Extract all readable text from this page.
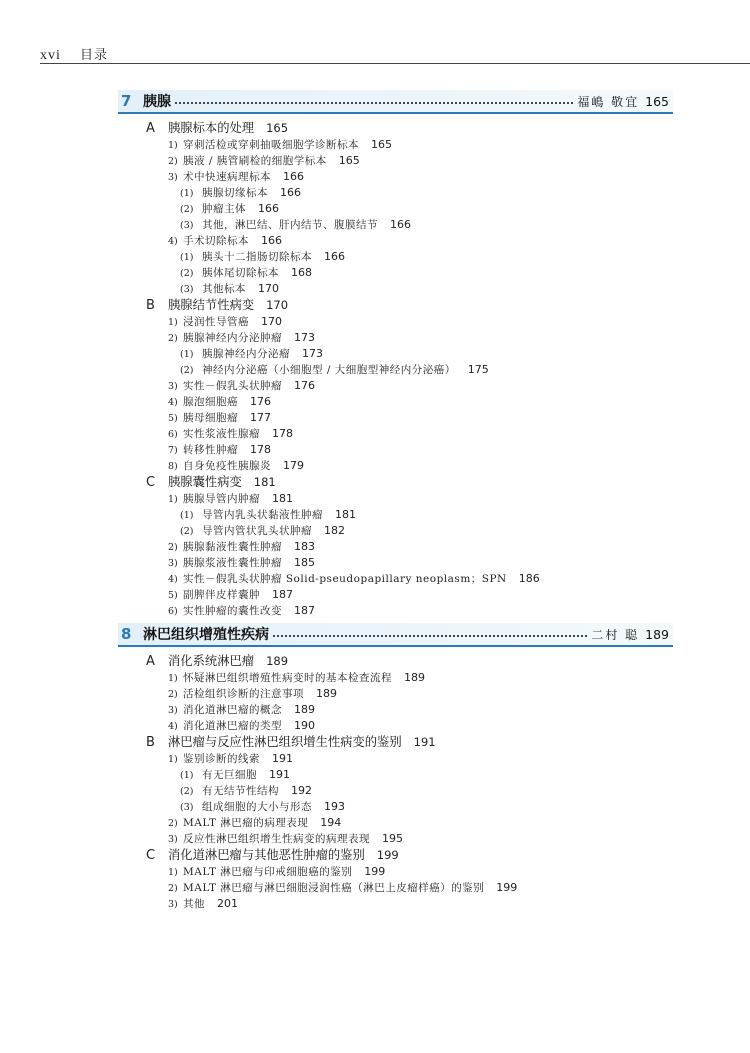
xvi 目录
7 胰腺	福嶋 敬宜 165
A	胰腺标本的处理 165
1) 穿刺活检或穿刺抽吸细胞学诊断标本 165
2) 胰液 / 胰管刷检的细胞学标本 165
3) 术中快速病理标本 166
(1) 胰腺切缘标本 166
(2) 肿瘤主体 166
(3) 其他，淋巴结、肝内结节、腹膜结节 166
4) 手术切除标本 166
(1) 胰头十二指肠切除标本 166
(2) 胰体尾切除标本 168
(3) 其他标本 170
B	胰腺结节性病变 170
1) 浸润性导管癌 170
2) 胰腺神经内分泌肿瘤 173
(1) 胰腺神经内分泌瘤 173
(2) 神经内分泌癌（小细胞型 / 大细胞型神经内分泌癌） 175
3) 实性－假乳头状肿瘤 176
4) 腺泡细胞癌 176
5) 胰母细胞瘤 177
6) 实性浆液性腺瘤 178
7) 转移性肿瘤 178
8) 自身免疫性胰腺炎 179
C	胰腺囊性病变 181
1) 胰腺导管内肿瘤 181
(1) 导管内乳头状黏液性肿瘤 181
(2) 导管内管状乳头状肿瘤 182
2) 胰腺黏液性囊性肿瘤 183
3) 胰腺浆液性囊性肿瘤 185
4) 实性－假乳头状肿瘤 Solid-pseudopapillary neoplasm；SPN 186
5) 副脾伴皮样囊肿 187
6) 实性肿瘤的囊性改变 187
8 淋巴组织增殖性疾病	二村 聪 189
A	消化系统淋巴瘤 189
1) 怀疑淋巴组织增殖性病变时的基本检查流程 189
2) 活检组织诊断的注意事项 189
3) 消化道淋巴瘤的概念 189
4) 消化道淋巴瘤的类型 190
B	淋巴瘤与反应性淋巴组织增生性病变的鉴别 191
1) 鉴别诊断的线索 191
(1) 有无巨细胞 191
(2) 有无结节性结构 192
(3) 组成细胞的大小与形态 193
2) MALT 淋巴瘤的病理表现 194
3) 反应性淋巴组织增生性病变的病理表现 195
C	消化道淋巴瘤与其他恶性肿瘤的鉴别 199
1) MALT 淋巴瘤与印戒细胞癌的鉴别 199
2) MALT 淋巴瘤与淋巴细胞浸润性癌（淋巴上皮瘤样癌）的鉴别 199
3) 其他 201
